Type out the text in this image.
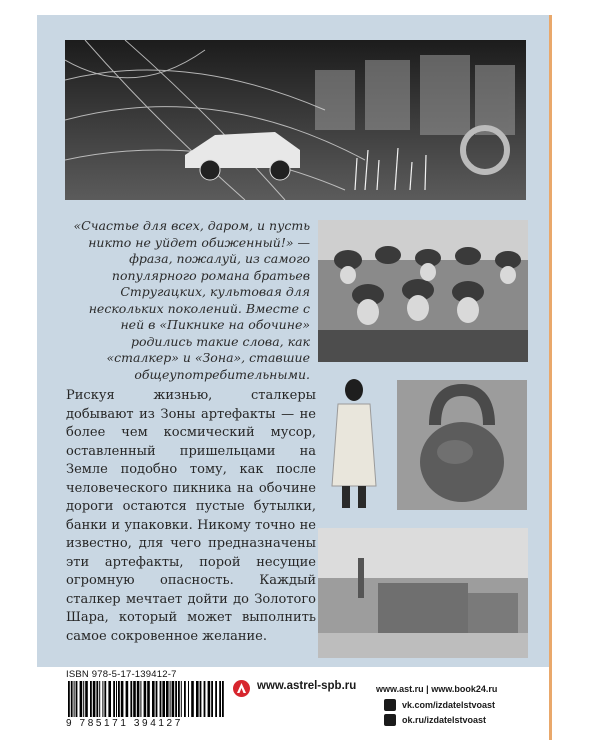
«Счастье для всех, даром, и пусть никто не уйдет обиженный!» — фраза, пожалуй, из самого популярного романа братьев Стругацких, культовая для нескольких поколений. Вместе с ней в «Пикнике на обочине» родились такие слова, как «сталкер» и «Зона», ставшие общеупотребительными.

Рискуя жизнью, сталкеры добывают из Зоны артефакты — не более чем космический мусор, оставленный пришельцами на Земле подобно тому, как после человеческого пикника на обочине дороги остаются пустые бутылки, банки и упаковки. Никому точно не известно, для чего предназначены эти артефакты, порой несущие огромную опасность. Каждый сталкер мечтает дойти до Золотого Шара, который может выполнить самое сокровенное желание.

ISBN 978-5-17-139412-7
9 785171 394127
www.astrel-spb.ru www.ast.ru | www.book24.ru
vk.com/izdatelstvoast
ok.ru/izdatelstvoast
